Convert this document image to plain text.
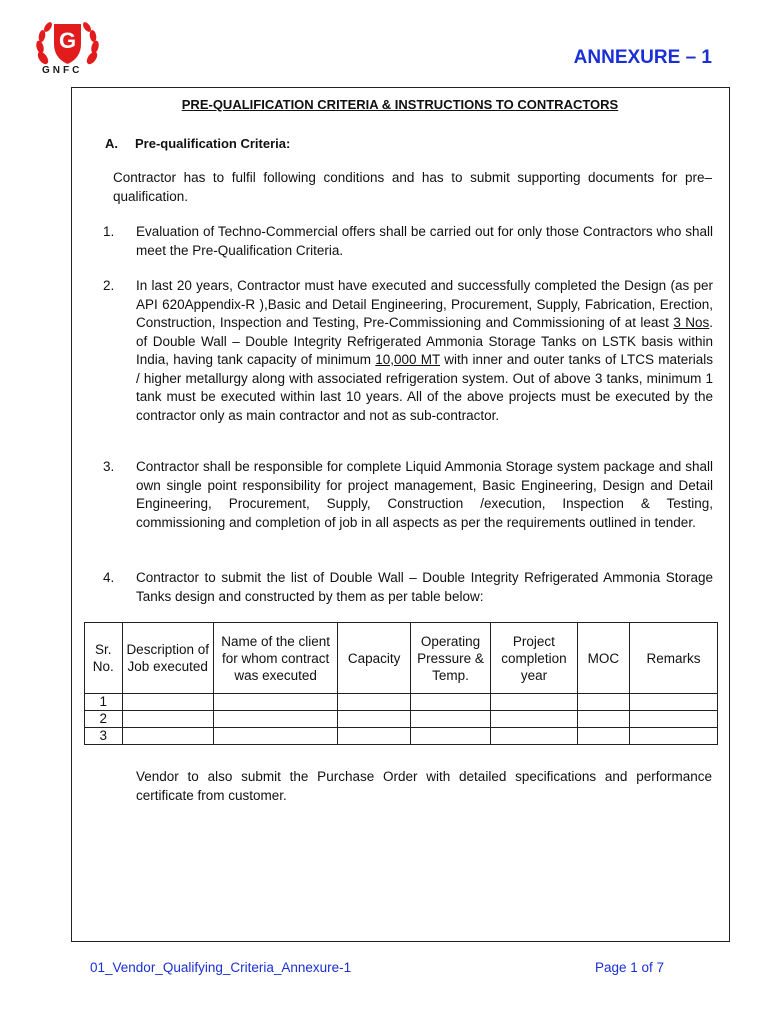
G
GNFC
ANNEXURE – 1
PRE-QUALIFICATION CRITERIA & INSTRUCTIONS TO CONTRACTORS
A. Pre-qualification Criteria:
Contractor has to fulfil following conditions and has to submit supporting documents for pre–qualification.
1. Evaluation of Techno-Commercial offers shall be carried out for only those Contractors who shall meet the Pre-Qualification Criteria.
2. In last 20 years, Contractor must have executed and successfully completed the Design (as per API 620Appendix-R ),Basic and Detail Engineering, Procurement, Supply, Fabrication, Erection, Construction, Inspection and Testing, Pre-Commissioning and Commissioning of at least 3 Nos. of Double Wall – Double Integrity Refrigerated Ammonia Storage Tanks on LSTK basis within India, having tank capacity of minimum 10,000 MT with inner and outer tanks of LTCS materials / higher metallurgy along with associated refrigeration system. Out of above 3 tanks, minimum 1 tank must be executed within last 10 years. All of the above projects must be executed by the contractor only as main contractor and not as sub-contractor.
3. Contractor shall be responsible for complete Liquid Ammonia Storage system package and shall own single point responsibility for project management, Basic Engineering, Design and Detail Engineering, Procurement, Supply, Construction /execution, Inspection & Testing, commissioning and completion of job in all aspects as per the requirements outlined in tender.
4. Contractor to submit the list of Double Wall – Double Integrity Refrigerated Ammonia Storage Tanks design and constructed by them as per table below:
Sr. No.	Description of Job executed	Name of the client for whom contract was executed	Capacity	Operating Pressure & Temp.	Project completion year	MOC	Remarks
1							
2							
3							
Vendor to also submit the Purchase Order with detailed specifications and performance certificate from customer.
01_Vendor_Qualifying_Criteria_Annexure-1	Page 1 of 7
